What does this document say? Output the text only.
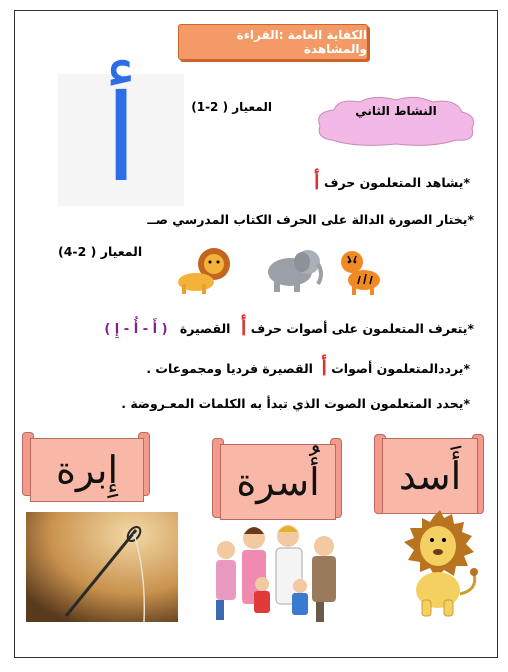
الكفاية العامة :القراءة والمشاهدة
أ	المعيار ( 2-1)	النشاط الثاني
*يشاهد المتعلمون حرف أ
*يختار الصورة الدالة على الحرف الكتاب المدرسي صــ
المعيار ( 2-4)
*يتعرف المتعلمون على أصوات حرف أ القصيرة ( أَ - أُ - إِ )
*يرددالمتعلمون أصوات أ القصيرة فرديا ومجموعات .
*يحدد المتعلمون الصوت الذي تبدأ به الكلمات المعـروضة .
إِبرة	أُسرة	أَسد
